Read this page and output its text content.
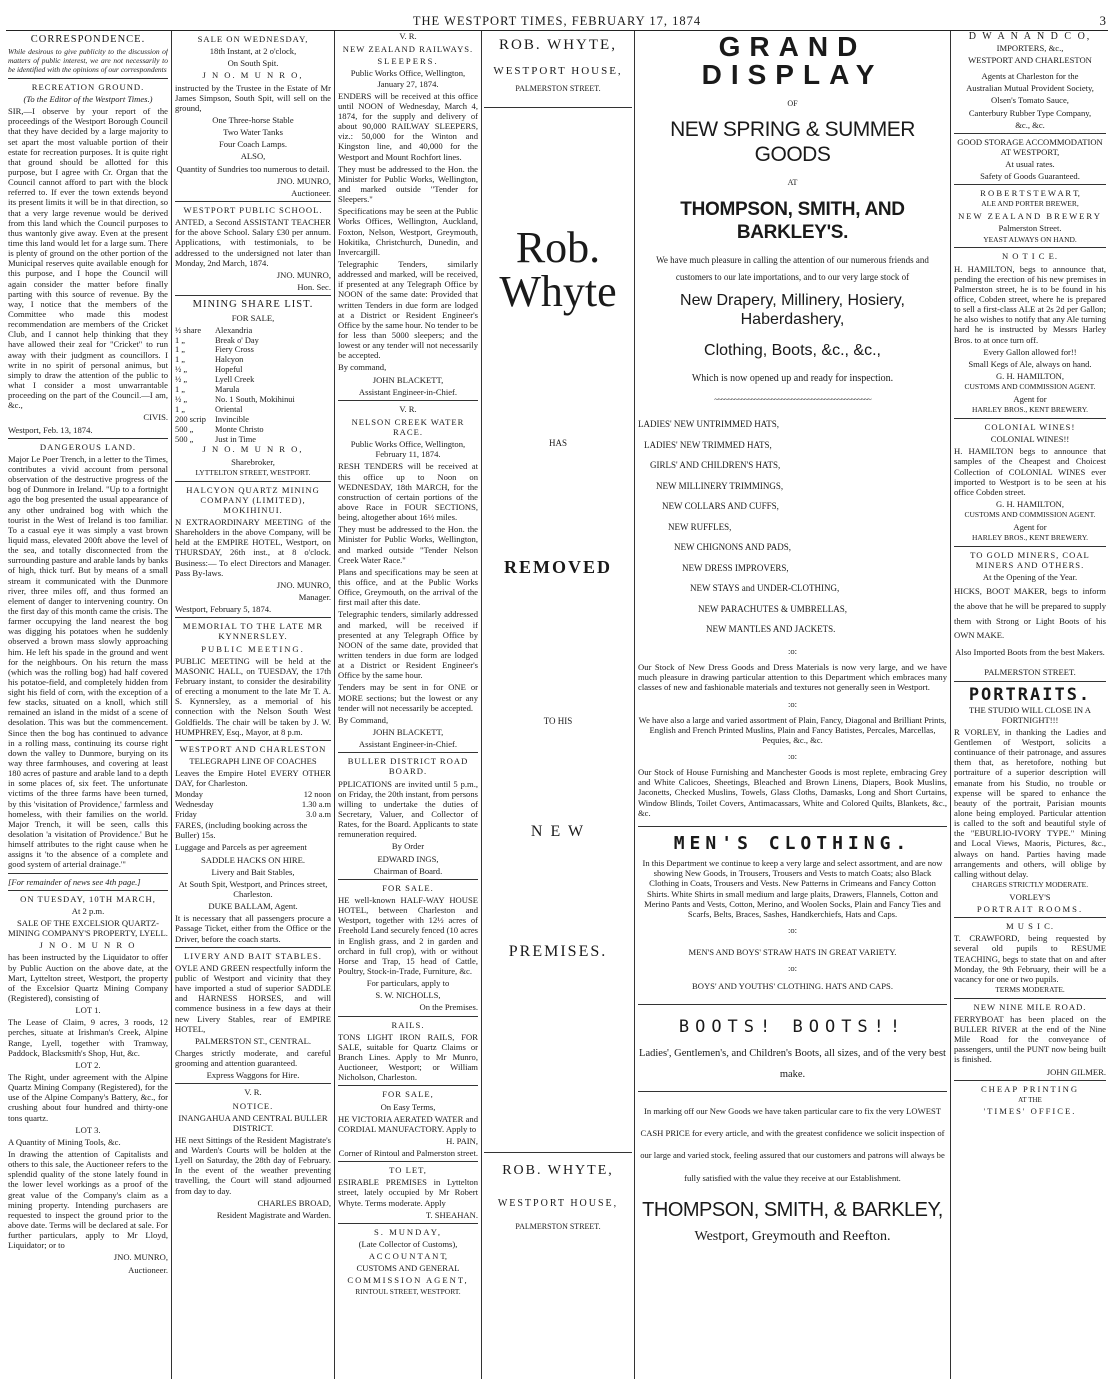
THE WESTPORT TIMES, FEBRUARY 17, 1874	3
CORRESPONDENCE.

While desirous to give publicity to the discussion of matters of public interest, we are not necessarily to be identified with the opinions of our correspondents

RECREATION GROUND.

(To the Editor of the Westport Times.)

SIR,—I observe by your report of the proceedings of the Westport Borough Council that they have decided by a large majority to set apart the most valuable portion of their estate for recreation purposes. It is quite right that ground should be allotted for this purpose, but I agree with Cr. Organ that the Council cannot afford to part with the block referred to. If ever the town extends beyond its present limits it will be in that direction, so that a very large revenue would be derived from this land which the Council purposes to thus wantonly give away. Even at the present time this land would let for a large sum. There is plenty of ground on the other portion of the Municipal reserves quite available enough for this purpose, and I hope the Council will again consider the matter before finally parting with this source of revenue. By the way, I notice that the members of the Committee who made this modest recommendation are members of the Cricket Club, and I cannot help thinking that they have allowed their zeal for "Cricket" to run away with their judgment as councillors. I write in no spirit of personal animus, but simply to draw the attention of the public to what I consider a most unwarrantable proceeding on the part of the Council.—I am, &c.,

CIVIS.

Westport, Feb. 13, 1874.

DANGEROUS LAND.

Major Le Poer Trench, in a letter to the Times, contributes a vivid account from personal observation of the destructive progress of the bog of Dunmore in Ireland. "Up to a fortnight ago the bog presented the usual appearance of any other undrained bog with which the tourist in the West of Ireland is too familiar. To a casual eye it was simply a vast brown liquid mass, elevated 200ft above the level of the sea, and totally disconnected from the surrounding pasture and arable lands by banks of high, thick turf. But by means of a small stream it communicated with the Dunmore river, three miles off, and thus formed an element of danger to intervening country. On the first day of this month came the crisis. The farmer occupying the land nearest the bog was digging his potatoes when he suddenly observed a brown mass slowly approaching him. He left his spade in the ground and went for the neighbours. On his return the mass (which was the rolling bog) had half covered his potatoe-field, and completely hidden from sight his field of corn, with the exception of a few stacks, situated on a knoll, which still remained an island in the midst of a scene of desolation. This was but the commencement. Since then the bog has continued to advance in a rolling mass, continuing its course right down the valley to Dunmore, burying on its way three farmhouses, and covering at least 180 acres of pasture and arable land to a depth in some places of, six feet. The unfortunate victims of the three farms have been turned, by this 'visitation of Providence,' farmless and homeless, with their families on the world. Major Trench, it will be seen, calls this desolation 'a visitation of Providence.' But he himself attributes to the right cause when he assigns it 'to the absence of a complete and good system of arterial drainage.'"

[For remainder of news see 4th page.]

ON TUESDAY, 10TH MARCH,

At 2 p.m.

SALE OF THE EXCELSIOR QUARTZ-MINING COMPANY'S PROPERTY, LYELL.

J N O. M U N R O

has been instructed by the Liquidator to offer by Public Auction on the above date, at the Mart, Lyttelton street, Westport, the property of the Excelsior Quartz Mining Company (Registered), consisting of

LOT 1.

The Lease of Claim, 9 acres, 3 roods, 12 perches, situate at Irishman's Creek, Alpine Range, Lyell, together with Tramway, Paddock, Blacksmith's Shop, Hut, &c.

LOT 2.

The Right, under agreement with the Alpine Quartz Mining Company (Registered), for the use of the Alpine Company's Battery, &c., for crushing about four hundred and thirty-one tons quartz.

LOT 3.

A Quantity of Mining Tools, &c.

In drawing the attention of Capitalists and others to this sale, the Auctioneer refers to the splendid quality of the stone lately found in the lower level workings as a proof of the great value of the Company's claim as a mining property. Intending purchasers are requested to inspect the ground prior to the above date. Terms will be declared at sale. For further particulars, apply to Mr Lloyd, Liquidator; or to

JNO. MUNRO,

Auctioneer.

SALE ON WEDNESDAY,

18th Instant, at 2 o'clock,

On South Spit.

J N O. M U N R O,

instructed by the Trustee in the Estate of Mr James Simpson, South Spit, will sell on the ground,

One Three-horse Stable

Two Water Tanks

Four Coach Lamps.

ALSO,

Quantity of Sundries too numerous to detail.

JNO. MUNRO,

Auctioneer.

WESTPORT PUBLIC SCHOOL.

ANTED, a Second ASSISTANT TEACHER for the above School. Salary £30 per annum. Applications, with testimonials, to be addressed to the undersigned not later than Monday, 2nd March, 1874.

JNO. MUNRO,

Hon. Sec.

MINING SHARE LIST.

FOR SALE,

½ share	Alexandria
1 „	Break o' Day
1 „	Fiery Cross
1 „	Halcyon
½ „	Hopeful
½ „	Lyell Creek
1 „	Marula
½ „	No. 1 South, Mokihinui
1 „	Oriental
200 scrip	Invincible
500 „	Monte Christo
500 „	Just in Time

J N O. M U N R O,

Sharebroker,

LYTTELTON STREET, WESTPORT.

HALCYON QUARTZ MINING COMPANY (LIMITED), MOKIHINUI.

N EXTRAORDINARY MEETING of the Shareholders in the above Company, will be held at the EMPIRE HOTEL, Westport, on THURSDAY, 26th inst., at 8 o'clock. Business:— To elect Directors and Manager. Pass By-laws.

JNO. MUNRO,

Manager.

Westport, February 5, 1874.

MEMORIAL TO THE LATE MR KYNNERSLEY.

PUBLIC MEETING.

PUBLIC MEETING will be held at the MASONIC HALL, on TUESDAY, the 17th February instant, to consider the desirability of erecting a monument to the late Mr T. A. S. Kynnersley, as a memorial of his connection with the Nelson South West Goldfields. The chair will be taken by J. W. HUMPHREY, Esq., Mayor, at 8 p.m.

WESTPORT AND CHARLESTON

TELEGRAPH LINE OF COACHES

Leaves the Empire Hotel EVERY OTHER DAY, for Charleston.

Monday	12 noon
Wednesday	1.30 a.m
Friday	3.0 a.m

FARES, (including booking across the Buller) 15s.

Luggage and Parcels as per agreement

SADDLE HACKS ON HIRE.

Livery and Bait Stables,

At South Spit, Westport, and Princes street, Charleston.

DUKE BALLAM, Agent.

It is necessary that all passengers procure a Passage Ticket, either from the Office or the Driver, before the coach starts.

LIVERY AND BAIT STABLES.

OYLE AND GREEN respectfully inform the public of Westport and vicinity that they have imported a stud of superior SADDLE and HARNESS HORSES, and will commence business in a few days at their new Livery Stables, rear of EMPIRE HOTEL,

PALMERSTON ST., CENTRAL.

Charges strictly moderate, and careful grooming and attention guaranteed.

Express Waggons for Hire.

V. R.

NOTICE.

INANGAHUA AND CENTRAL BULLER DISTRICT.

HE next Sittings of the Resident Magistrate's and Warden's Courts will be holden at the Lyell on Saturday, the 28th day of February. In the event of the weather preventing travelling, the Court will stand adjourned from day to day.

CHARLES BROAD,

Resident Magistrate and Warden.

V. R.

NEW ZEALAND RAILWAYS.

SLEEPERS.

Public Works Office, Wellington, January 27, 1874.

ENDERS will be received at this office until NOON of Wednesday, March 4, 1874, for the supply and delivery of about 90,000 RAILWAY SLEEPERS, viz.: 50,000 for the Winton and Kingston line, and 40,000 for the Westport and Mount Rochfort lines.

They must be addressed to the Hon. the Minister for Public Works, Wellington, and marked outside "Tender for Sleepers."

Specifications may be seen at the Public Works Offices, Wellington, Auckland, Foxton, Nelson, Westport, Greymouth, Hokitika, Christchurch, Dunedin, and Invercargill.

Telegraphic Tenders, similarly addressed and marked, will be received, if presented at any Telegraph Office by NOON of the same date: Provided that written Tenders in due form are lodged at a District or Resident Engineer's Office by the same hour. No tender to be for less than 5000 sleepers; and the lowest or any tender will not necessarily be accepted.

By command,

JOHN BLACKETT,

Assistant Engineer-in-Chief.

V. R.

NELSON CREEK WATER RACE.

Public Works Office, Wellington, February 11, 1874.

RESH TENDERS will be received at this office up to Noon on WEDNESDAY, 18th MARCH, for the construction of certain portions of the above Race in FOUR SECTIONS, being, altogether about 16½ miles.

They must be addressed to the Hon. the Minister for Public Works, Wellington, and marked outside "Tender Nelson Creek Water Race."

Plans and specifications may be seen at this office, and at the Public Works Office, Greymouth, on the arrival of the first mail after this date.

Telegraphic tenders, similarly addressed and marked, will be received if presented at any Telegraph Office by NOON of the same date, provided that written tenders in due form are lodged at a District or Resident Engineer's Office by the same hour.

Tenders may be sent in for ONE or MORE sections; but the lowest or any tender will not necessarily be accepted.

By Command,

JOHN BLACKETT,

Assistant Engineer-in-Chief.

BULLER DISTRICT ROAD BOARD.

PPLICATIONS are invited until 5 p.m., on Friday, the 20th instant, from persons willing to undertake the duties of Secretary, Valuer, and Collector of Rates, for the Board. Applicants to state remuneration required.

By Order

EDWARD INGS,

Chairman of Board.

FOR SALE.

HE well-known HALF-WAY HOUSE HOTEL, between Charleston and Westport, together with 12½ acres of Freehold Land securely fenced (10 acres in English grass, and 2 in garden and orchard in full crop), with or without Horse and Trap, 15 head of Cattle, Poultry, Stock-in-Trade, Furniture, &c.

For particulars, apply to

S. W. NICHOLLS,

On the Premises.

RAILS.

TONS LIGHT IRON RAILS, FOR SALE, suitable for Quartz Claims or Branch Lines. Apply to Mr Munro, Auctioneer, Westport; or William Nicholson, Charleston.

FOR SALE,

On Easy Terms,

HE VICTORIA AERATED WATER and CORDIAL MANUFACTORY. Apply to

H. PAIN,

Corner of Rintoul and Palmerston street.

TO LET,

ESIRABLE PREMISES in Lyttelton street, lately occupied by Mr Robert Whyte. Terms moderate. Apply

T. SHEAHAN.

S. MUNDAY,

(Late Collector of Customs),

A C C O U N T A N T,

CUSTOMS AND GENERAL

COMMISSION AGENT,

RINTOUL STREET, WESTPORT.

ROB. WHYTE,
WESTPORT HOUSE,
PALMERSTON STREET.
Rob. Whyte
HAS
REMOVED
TO HIS
N E W
PREMISES.
ROB. WHYTE,
WESTPORT HOUSE,
PALMERSTON STREET.
GRAND DISPLAY
OF
NEW SPRING & SUMMER GOODS
AT
THOMPSON, SMITH, AND BARKLEY'S.

We have much pleasure in calling the attention of our numerous friends and customers to our late importations, and to our very large stock of

New Drapery, Millinery, Hosiery, Haberdashery,
Clothing, Boots, &c., &c.,

Which is now opened up and ready for inspection.

~~~~~~~~~~~~~~~~~~~~~~~~~~~~~~~~~~~~~~~~~~~~~~~
LADIES' NEW UNTRIMMED HATS,
LADIES' NEW TRIMMED HATS,
GIRLS' AND CHILDREN'S HATS,
NEW MILLINERY TRIMMINGS,
NEW COLLARS AND CUFFS,
NEW RUFFLES,
NEW CHIGNONS AND PADS,
NEW DRESS IMPROVERS,
NEW STAYS and UNDER-CLOTHING,
NEW PARACHUTES & UMBRELLAS,
NEW MANTLES AND JACKETS.
:o:

Our Stock of New Dress Goods and Dress Materials is now very large, and we have much pleasure in drawing particular attention to this Department which embraces many classes of new and fashionable materials and textures not generally seen in Westport.

:o:

We have also a large and varied assortment of Plain, Fancy, Diagonal and Brilliant Prints, English and French Printed Muslins, Plain and Fancy Batistes, Percales, Marcellas, Pequies, &c., &c.

:o:

Our Stock of House Furnishing and Manchester Goods is most replete, embracing Grey and White Calicoes, Sheetings, Bleached and Brown Linens, Diapers, Book Muslins, Jaconetts, Checked Muslins, Towels, Glass Cloths, Damasks, Long and Short Curtains, Window Blinds, Toilet Covers, Antimacassars, White and Colored Quilts, Blankets, &c., &c.

MEN'S CLOTHING.

In this Department we continue to keep a very large and select assortment, and are now showing New Goods, in Trousers, Trousers and Vests to match Coats; also Black Clothing in Coats, Trousers and Vests. New Patterns in Crimeans and Fancy Cotton Shirts. White Shirts in small medium and large plaits, Drawers, Flannels, Cotton and Merino Pants and Vests, Cotton, Merino, and Woolen Socks, Plain and Fancy Ties and Scarfs, Belts, Braces, Sashes, Handkerchiefs, Hats and Caps.

:o:

MEN'S AND BOYS' STRAW HATS IN GREAT VARIETY.

:o:

BOYS' AND YOUTHS' CLOTHING. HATS AND CAPS.

BOOTS! BOOTS!!

Ladies', Gentlemen's, and Children's Boots, all sizes, and of the very best make.

In marking off our New Goods we have taken particular care to fix the very LOWEST CASH PRICE for every article, and with the greatest confidence we solicit inspection of our large and varied stock, feeling assured that our customers and patrons will always be fully satisfied with the value they receive at our Establishment.

THOMPSON, SMITH, & BARKLEY,
Westport, Greymouth and Reefton.
D W A N A N D C O,

IMPORTERS, &c.,

WESTPORT AND CHARLESTON

Agents at Charleston for the

Australian Mutual Provident Society,

Olsen's Tomato Sauce,

Canterbury Rubber Type Company,

&c., &c.

GOOD STORAGE ACCOMMODATION AT WESTPORT,

At usual rates.

Safety of Goods Guaranteed.

R O B E R T S T E W A R T,

ALE AND PORTER BREWER,

NEW ZEALAND BREWERY

Palmerston Street.

YEAST ALWAYS ON HAND.

N O T I C E.

H. HAMILTON, begs to announce that, pending the erection of his new premises in Palmerston street, he is to be found in his office, Cobden street, where he is prepared to sell a first-class ALE at 2s 2d per Gallon; he also wishes to notify that any Ale turning hard he is instructed by Messrs Harley Bros. to at once turn off.

Every Gallon allowed for!!

Small Kegs of Ale, always on hand.

G. H. HAMILTON,

CUSTOMS AND COMMISSION AGENT.

Agent for

HARLEY BROS., KENT BREWERY.

COLONIAL WINES!

COLONIAL WINES!!

H. HAMILTON begs to announce that samples of the Cheapest and Choicest Collection of COLONIAL WINES ever imported to Westport is to be seen at his office Cobden street.

G. H. HAMILTON,

CUSTOMS AND COMMISSION AGENT.

Agent for

HARLEY BROS., KENT BREWERY.

TO GOLD MINERS, COAL MINERS AND OTHERS.

At the Opening of the Year.

HICKS, BOOT MAKER, begs to inform the above that he will be prepared to supply them with Strong or Light Boots of his OWN MAKE.

Also Imported Boots from the best Makers.

PALMERSTON STREET.

PORTRAITS.

THE STUDIO WILL CLOSE IN A FORTNIGHT!!!

R VORLEY, in thanking the Ladies and Gentlemen of Westport, solicits a continuance of their patronage, and assures them that, as heretofore, nothing but portraiture of a superior description will emanate from his Studio, no trouble or expense will be spared to enhance the beauty of the portrait, Parisian mounts alone being employed. Particular attention is called to the soft and beautiful style of the "EBURLIO-IVORY TYPE." Mining and Local Views, Maoris, Pictures, &c., always on hand. Parties having made arrangements and others, will oblige by calling without delay.

CHARGES STRICTLY MODERATE.

VORLEY'S

PORTRAIT ROOMS.

M U S I C.

T. CRAWFORD, being requested by several old pupils to RESUME TEACHING, begs to state that on and after Monday, the 9th February, their will be a vacancy for one or two pupils.

TERMS MODERATE.

NEW NINE MILE ROAD.

FERRYBOAT has been placed on the BULLER RIVER at the end of the Nine Mile Road for the conveyance of passengers, until the PUNT now being built is finished.

JOHN GILMER.

CHEAP PRINTING

AT THE

'TIMES' OFFICE.
